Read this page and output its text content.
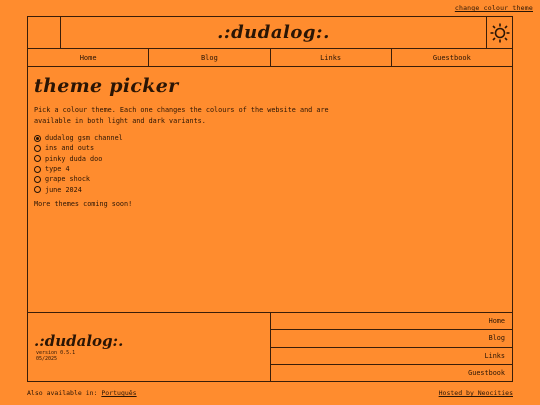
change colour theme
.:dudalog:.
Home	Blog	Links	Guestbook
theme picker

Pick a colour theme. Each one changes the colours of the website and are available in both light and dark variants.

dudalog gsm channel
ins and outs
pinky duda doo
type 4
grape shock
june 2024
More themes coming soon!
.:dudalog:.
version 0.5.1
05/2025
Home
Blog
Links
Guestbook
Also available in: Português	Hosted by Neocities
